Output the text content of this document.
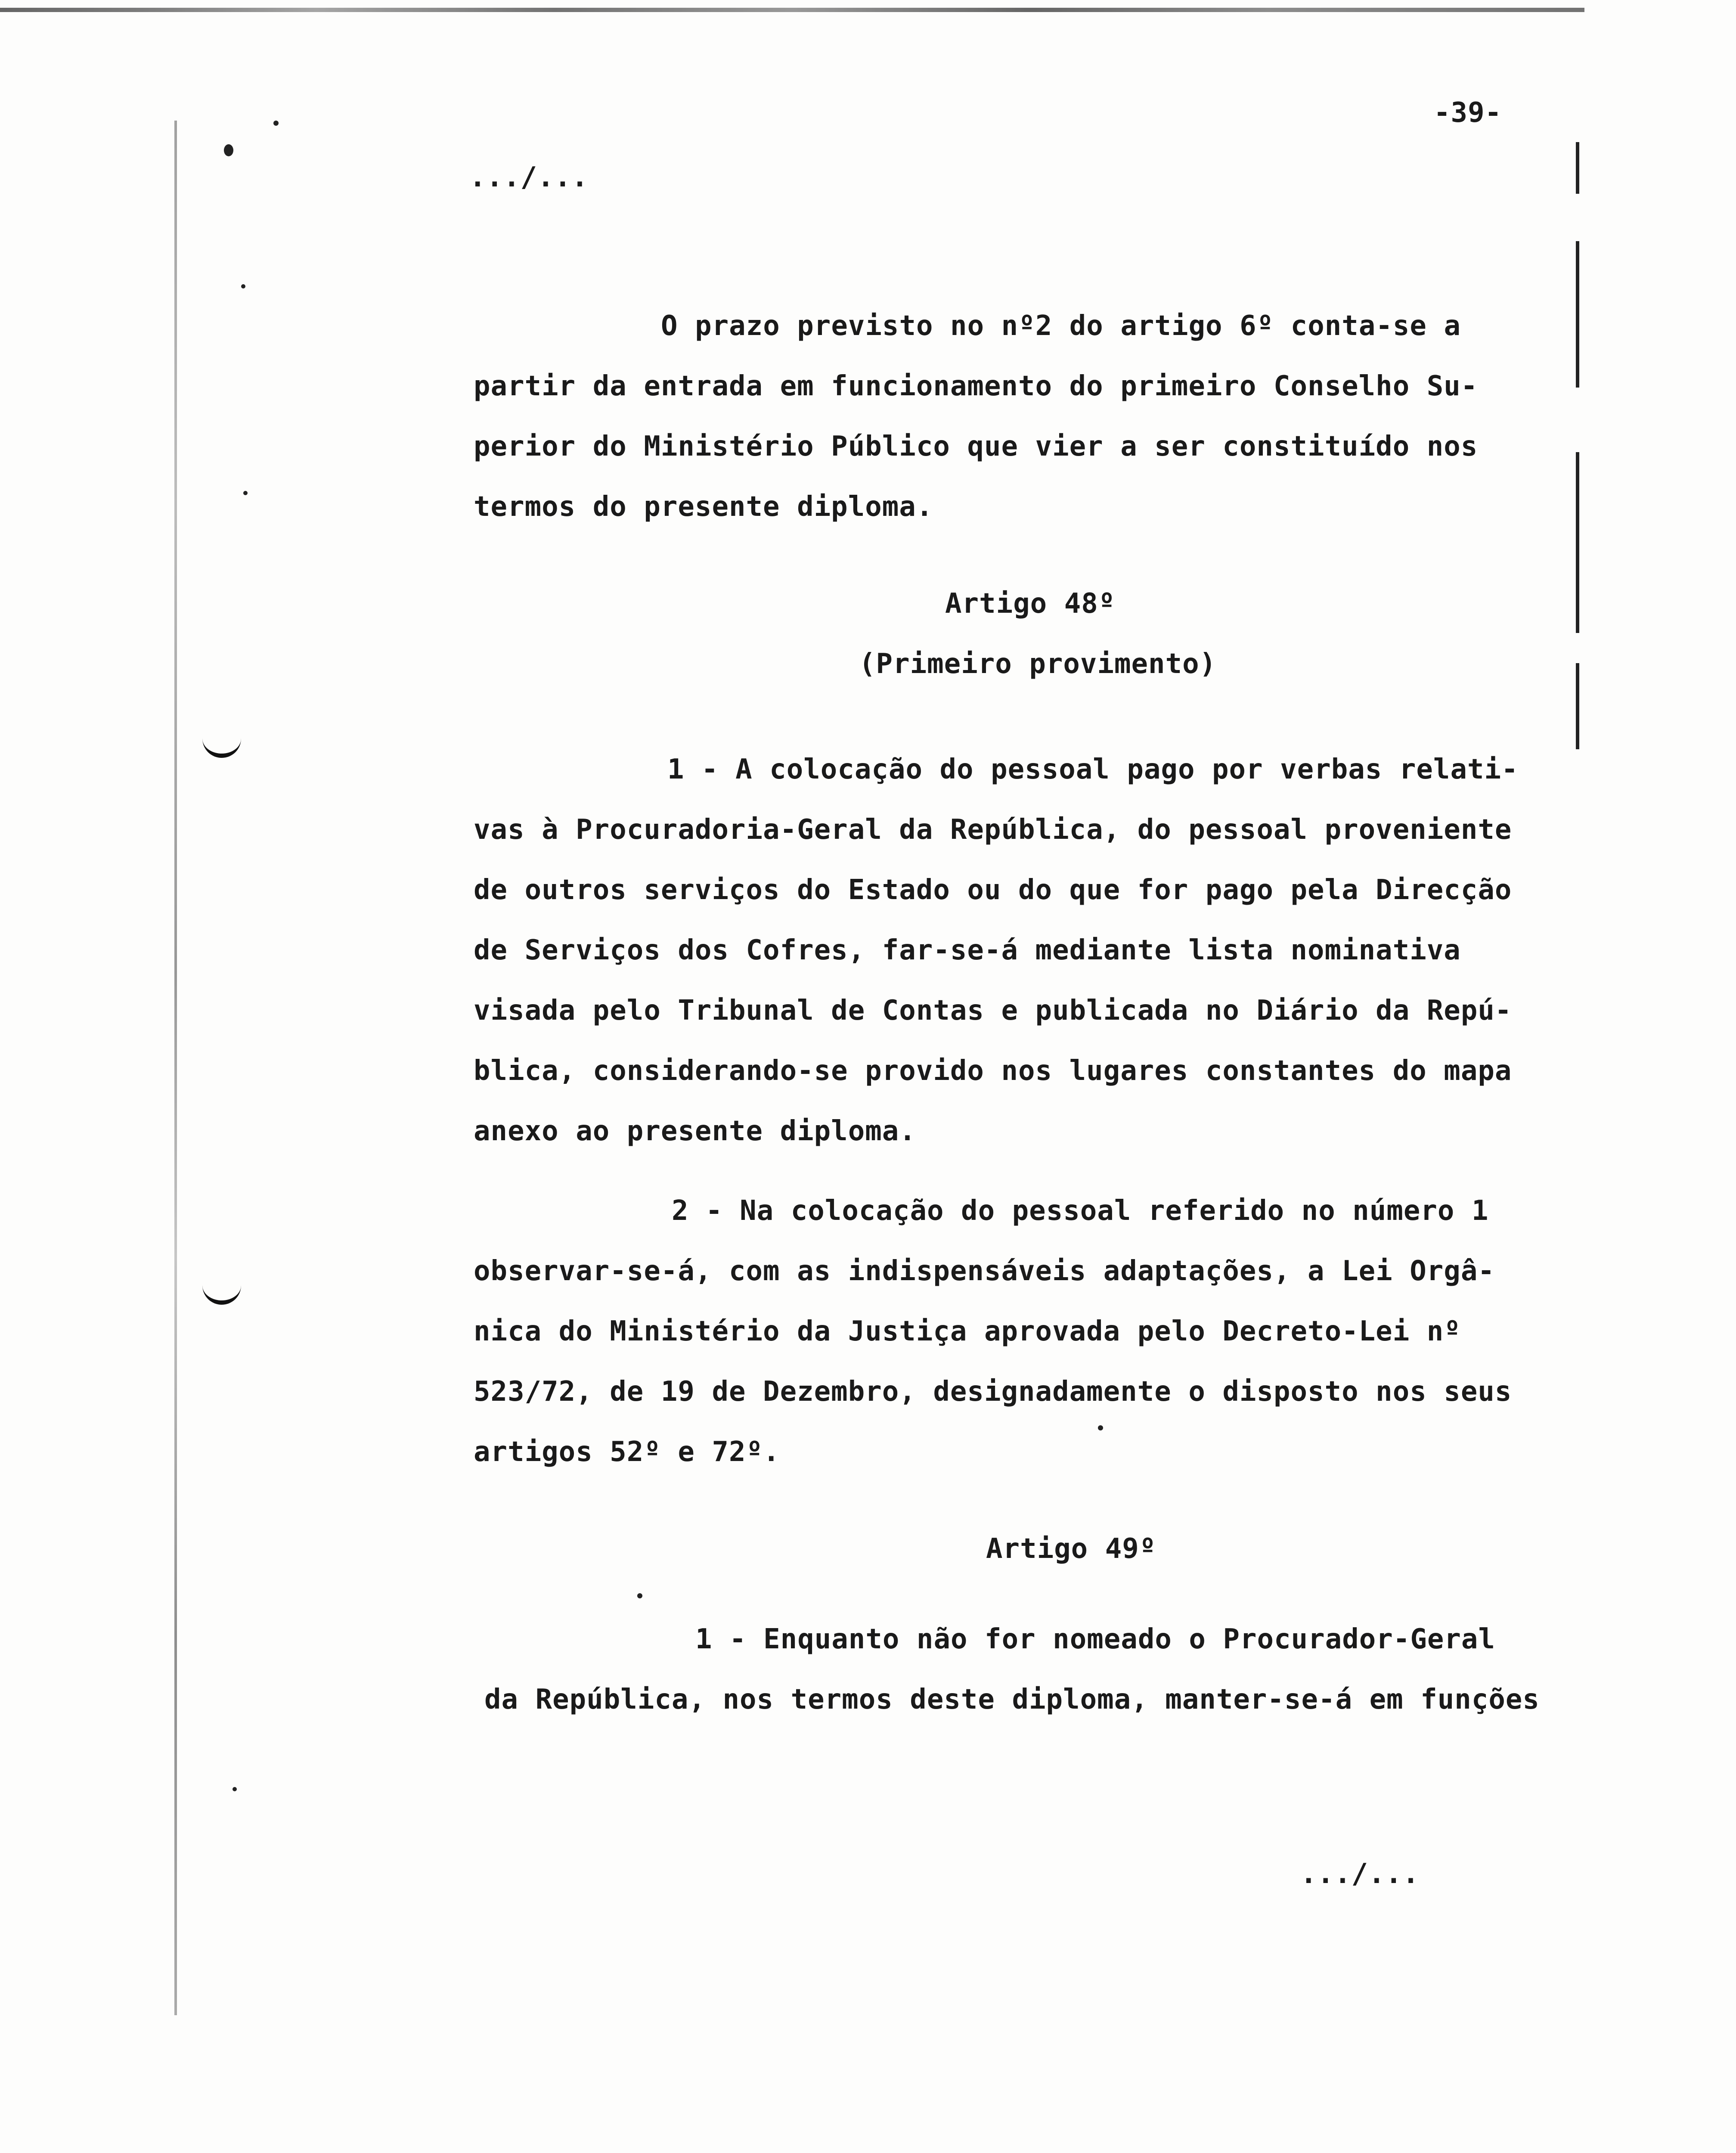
-39-
.../...
O prazo previsto no nº2 do artigo 6º conta-se a
partir da entrada em funcionamento do primeiro Conselho Su-
perior do Ministério Público que vier a ser constituído nos
termos do presente diploma.
Artigo 48º
(Primeiro provimento)
1 - A colocação do pessoal pago por verbas relati-
vas à Procuradoria-Geral da República, do pessoal proveniente
de outros serviços do Estado ou do que for pago pela Direcção
de Serviços dos Cofres, far-se-á mediante lista nominativa
visada pelo Tribunal de Contas e publicada no Diário da Repú-
blica, considerando-se provido nos lugares constantes do mapa
anexo ao presente diploma.
2 - Na colocação do pessoal referido no número 1
observar-se-á, com as indispensáveis adaptações, a Lei Orgâ-
nica do Ministério da Justiça aprovada pelo Decreto-Lei nº
523/72, de 19 de Dezembro, designadamente o disposto nos seus
artigos 52º e 72º.
Artigo 49º
1 - Enquanto não for nomeado o Procurador-Geral
da República, nos termos deste diploma, manter-se-á em funções
.../...
